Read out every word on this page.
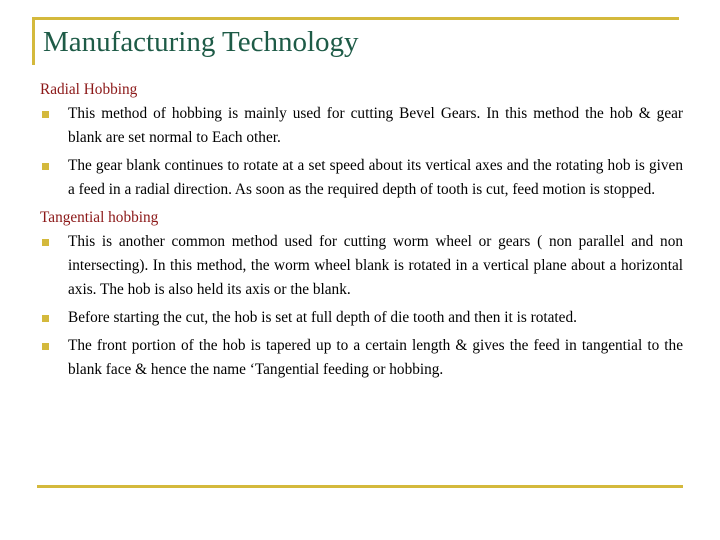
Manufacturing Technology
Radial Hobbing
This method of hobbing is mainly used for cutting Bevel Gears. In this method the hob & gear blank are set normal to Each other.
The gear blank continues to rotate at a set speed about its vertical axes and the rotating hob is given a feed in a radial direction. As soon as the required depth of tooth is cut, feed motion is stopped.
Tangential hobbing
This is another common method used for cutting worm wheel or gears ( non parallel and non intersecting). In this method, the worm wheel blank is rotated in a vertical plane about a horizontal axis. The hob is also held its axis or the blank.
Before starting the cut, the hob is set at full depth of die tooth and then it is rotated.
The front portion of the hob is tapered up to a certain length & gives the feed in tangential to the blank face & hence the name ‘Tangential feeding or hobbing.
